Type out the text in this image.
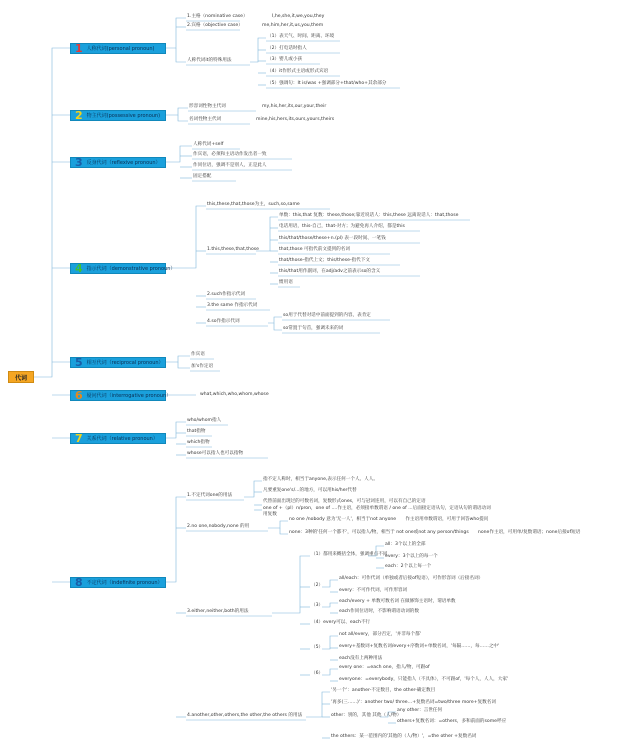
代词
1 人称代词(personal pronoun)
2 物主代词(possessive pronoun)
3 反身代词（reflexive pronoun）
4 指示代词（demonstrative pronoun）
5 相互代词（reciprocal pronoun）
6 疑问代词（interrogative pronoun）
7 关系代词（relative pronoun）
8 不定代词（indefinite pronoun）
1.主格（nominative case）	I,he,she,it,we,you,they
2.宾格（objective case）	me,him,her,it,us,you,them
人称代词it的特殊用法
（1）表天气、时间、距离、环境
（2）打电话时指人
（3）婴儿或小孩
（4）it作形式主语或形式宾语
（5）强调句：It is/was +强调部分+that/who+其余部分
形容词性物主代词	my,his,her,its,our,your,their
名词性物主代词	mine,his,hers,its,ours,yours,theirs
人称代词+self
作宾语，必须和主语动作发出者一致
作同位语，强调不是别人，正是此人
固定搭配
this,these,that,those为主，such,so,same
1.this,these,that,those
单数：this,that 复数：these,those;靠近说话人：this,these 远离说话人：that,those
电话用语，this-自己，that-对方；为避免再人介绍，都是this
this/that/those/these+n.(pl) 表一段时间、一笔钱
that,those 可指代前文提到的名词
that/those-指代上文；this/these-指代下文
this/that用作副词，在adj/adv之前表示so的含义
惯用语
2.such作指示代词
3.the same 作指示代词
4.so作指示代词
so用于代替对话中前面提到的内容，表肯定
so常置于句首，强调未来的词
作宾语
加's作定语
what,which,who,whom,whose
who/whom指人
that指物
which指物
whose可以指人也可以指物
1.不定代词one的用法
指不定人称时，相当于anyone,表示任何一个人、人人。
凡要重复one's/...的地方，可以用his/her代替
代替前面出现过的可数名词，复数形式ones，可与冠词连用，可以有自己的定语
one of +（pl）n/pron，one of ....作主语，必须接单数谓语 / one of ...后面接定语从句，定语从句的谓语动词用复数
2.no one,nobody,none 的用
no one /nobody 意为'无一人'，相当于not anyone　　作主语用单数谓语，可用于回答who提问
none：3种的'任何一个都不'，可以指人/物，相当于 not one或not any person/things　　none作主语，可用单/复数谓语；none后接of短语
3.either,neither,both的用法
（1）都用来概括全体，强调重点不同
all：3个以上的全部
every：3个以上的每一个
each：2个以上每一个
（2）
all/each：可作代词（单独或者后接of短语），可作形容词（后接名词）
every：不可作代词，可作形容词
（3）
each/every + 单数可数名词 在做修饰主语时，谓语单数
each作同位语时，不影响谓语动词的数
（4）every可以、each不行
（5）
not all/every，部分否定，'并非每个都'
every+基数词+复数名词/every+序数词+单数名词，'每隔……，每……之中'
each没有上两种用法
（6）
every one：=each one，指人/物，可跟of
everyone：=everybody，只能指人（不具体），不可跟of，'每个人，人人，大家'
4.another,other,others,the other,the others 的用法
'另一个'：another-不定数目，the other-确定数目
'再多(三……)'：another two/ three…+复数名词=two/three more+复数名词
other：别的，其他 其他（人/物）
any other：言世任何
others+复数名词：=others，多和前面的some呼应
the others：某一范围内的'其他的（人/物）'，=the other +复数名词
